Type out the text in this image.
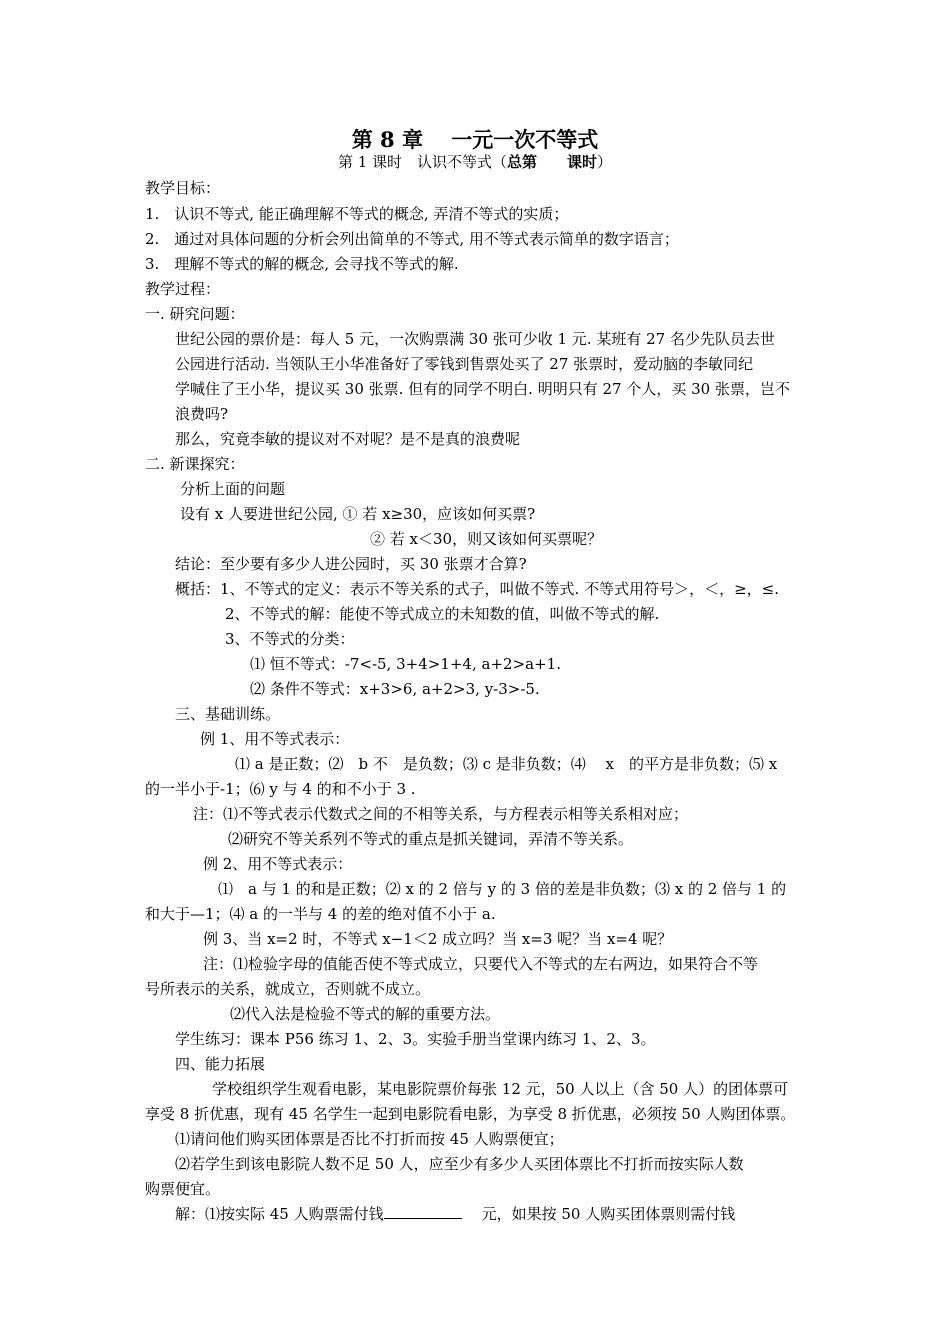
第 8 章　 一元一次不等式
第 1 课时　认识不等式（总第　　课时）
教学目标：
1.　认识不等式, 能正确理解不等式的概念, 弄清不等式的实质；
2.　通过对具体问题的分析会列出简单的不等式, 用不等式表示简单的数字语言；
3.　理解不等式的解的概念, 会寻找不等式的解.
教学过程：
一. 研究问题：
世纪公园的票价是：每人 5 元，一次购票满 30 张可少收 1 元. 某班有 27 名少先队员去世
公园进行活动. 当领队王小华准备好了零钱到售票处买了 27 张票时，爱动脑的李敏同纪
学喊住了王小华，提议买 30 张票. 但有的同学不明白. 明明只有 27 个人，买 30 张票，岂不
浪费吗?
那么，究竟李敏的提议对不对呢？是不是真的浪费呢
二. 新课探究：
分析上面的问题
设有 x 人要进世纪公园, ① 若 x≥30，应该如何买票?
② 若 x＜30，则又该如何买票呢？
结论：至少要有多少人进公园时，买 30 张票才合算?
概括：1、不等式的定义：表示不等关系的式子，叫做不等式. 不等式用符号＞，＜，≥，≤.
2、不等式的解：能使不等式成立的未知数的值，叫做不等式的解.
3、不等式的分类：
⑴ 恒不等式：-7<-5, 3+4>1+4, a+2>a+1.
⑵ 条件不等式：x+3>6, a+2>3, y-3>-5.
三、基础训练。
例 1、用不等式表示：
⑴ a 是正数；⑵　b 不　是负数；⑶ c 是非负数；⑷　 x　的平方是非负数；⑸ x
的一半小于-1；⑹ y 与 4 的和不小于 3 .
注：⑴不等式表示代数式之间的不相等关系，与方程表示相等关系相对应；
⑵研究不等关系列不等式的重点是抓关键词，弄清不等关系。
例 2、用不等式表示：
⑴　a 与 1 的和是正数；⑵ x 的 2 倍与 y 的 3 倍的差是非负数；⑶ x 的 2 倍与 1 的
和大于—1；⑷ a 的一半与 4 的差的绝对值不小于 a.
例 3、当 x=2 时，不等式 x−1＜2 成立吗？当 x=3 呢？当 x=4 呢？
注：⑴检验字母的值能否使不等式成立，只要代入不等式的左右两边，如果符合不等
号所表示的关系，就成立，否则就不成立。
⑵代入法是检验不等式的解的重要方法。
学生练习：课本 P56 练习 1、2、3。实验手册当堂课内练习 1、2、3。
四、能力拓展
学校组织学生观看电影，某电影院票价每张 12 元，50 人以上（含 50 人）的团体票可
享受 8 折优惠，现有 45 名学生一起到电影院看电影，为享受 8 折优惠，必须按 50 人购团体票。
⑴请问他们购买团体票是否比不打折而按 45 人购票便宜；
⑵若学生到该电影院人数不足 50 人，应至少有多少人买团体票比不打折而按实际人数
购票便宜。
解：⑴按实际 45 人购票需付钱	元，如果按 50 人购买团体票则需付钱
